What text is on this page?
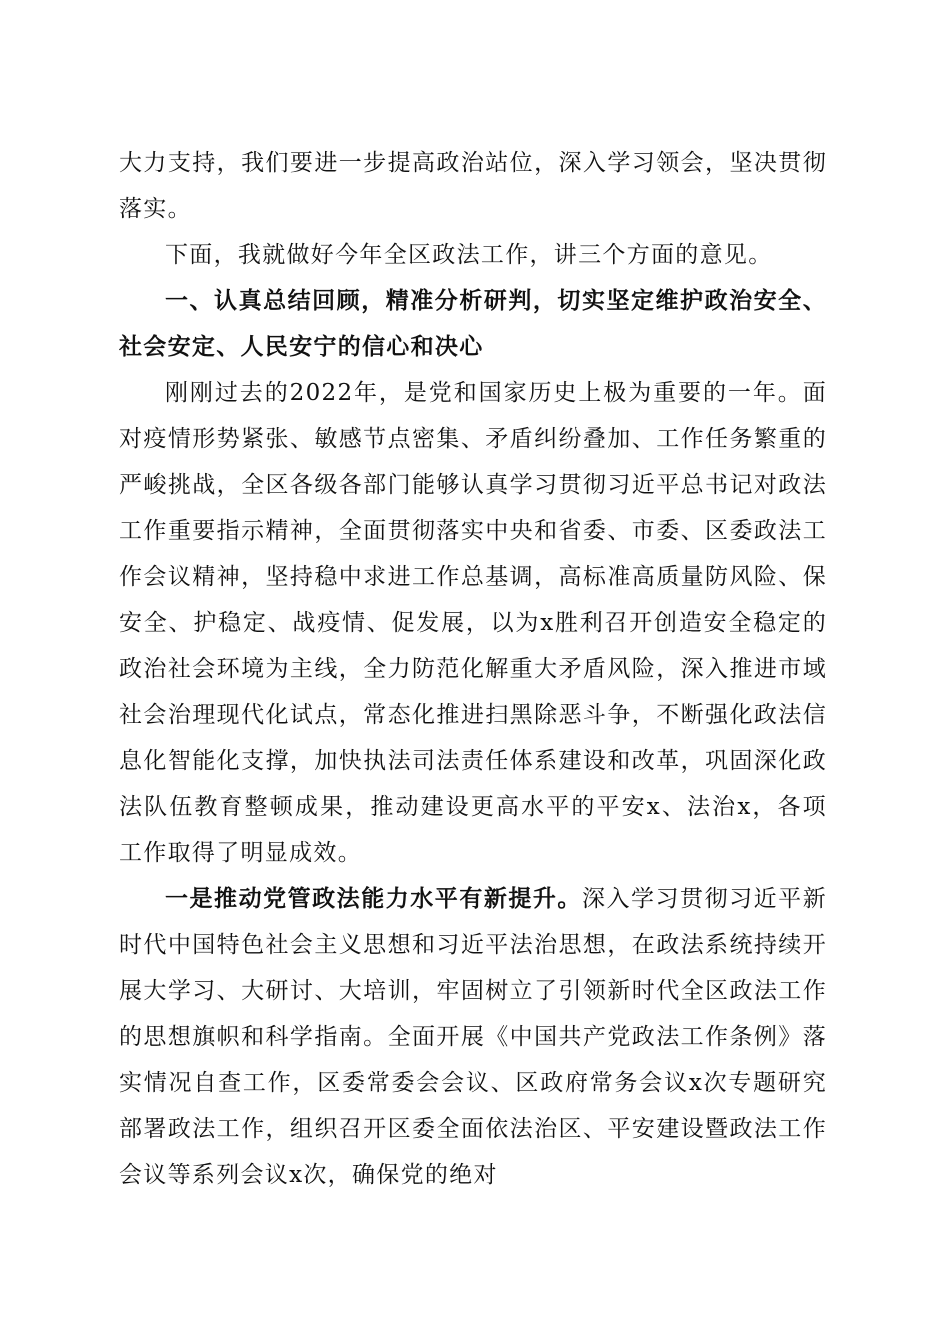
大力支持，我们要进一步提高政治站位，深入学习领会，坚决贯彻落实。

下面，我就做好今年全区政法工作，讲三个方面的意见。

一、认真总结回顾，精准分析研判，切实坚定维护政治安全、社会安定、人民安宁的信心和决心

刚刚过去的2022年，是党和国家历史上极为重要的一年。面对疫情形势紧张、敏感节点密集、矛盾纠纷叠加、工作任务繁重的严峻挑战，全区各级各部门能够认真学习贯彻习近平总书记对政法工作重要指示精神，全面贯彻落实中央和省委、市委、区委政法工作会议精神，坚持稳中求进工作总基调，高标准高质量防风险、保安全、护稳定、战疫情、促发展，以为x胜利召开创造安全稳定的政治社会环境为主线，全力防范化解重大矛盾风险，深入推进市域社会治理现代化试点，常态化推进扫黑除恶斗争，不断强化政法信息化智能化支撑，加快执法司法责任体系建设和改革，巩固深化政法队伍教育整顿成果，推动建设更高水平的平安x、法治x，各项工作取得了明显成效。

一是推动党管政法能力水平有新提升。深入学习贯彻习近平新时代中国特色社会主义思想和习近平法治思想，在政法系统持续开展大学习、大研讨、大培训，牢固树立了引领新时代全区政法工作的思想旗帜和科学指南。全面开展《中国共产党政法工作条例》落实情况自查工作，区委常委会会议、区政府常务会议x次专题研究部署政法工作，组织召开区委全面依法治区、平安建设暨政法工作会议等系列会议x次，确保党的绝对
